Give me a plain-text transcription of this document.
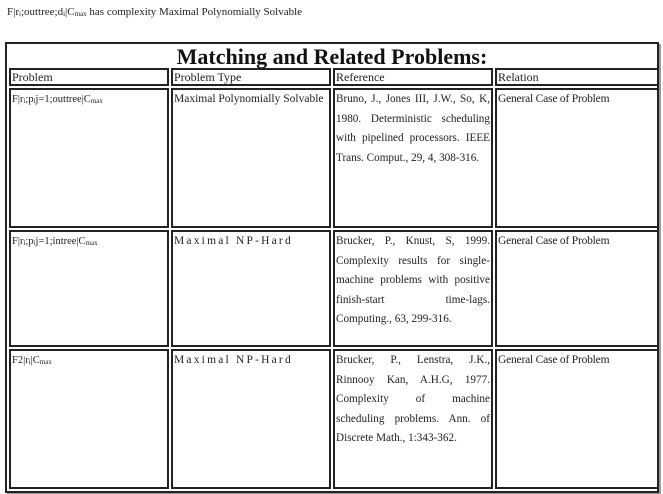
F|ri;outtree;di|Cmax has complexity Maximal Polynomially Solvable
Matching and Related Problems:
Problem	Problem Type	Reference	Relation
F|ri;pij=1;outtree|Cmax	Maximal Polynomially Solvable	Bruno, J., Jones III, J.W., So, K, 1980. Deterministic scheduling with pipelined processors. IEEE Trans. Comput., 29, 4, 308-316.	General Case of Problem
F|ri;pij=1;intree|Cmax	Maximal NP-Hard	Brucker, P., Knust, S, 1999. Complexity results for single-machine problems with positive finish-start time-lags. Computing., 63, 299-316.	General Case of Problem
F2|ri|Cmax	Maximal NP-Hard	Brucker, P., Lenstra, J.K., Rinnooy Kan, A.H.G, 1977. Complexity of machine scheduling problems. Ann. of Discrete Math., 1:343-362.	General Case of Problem
